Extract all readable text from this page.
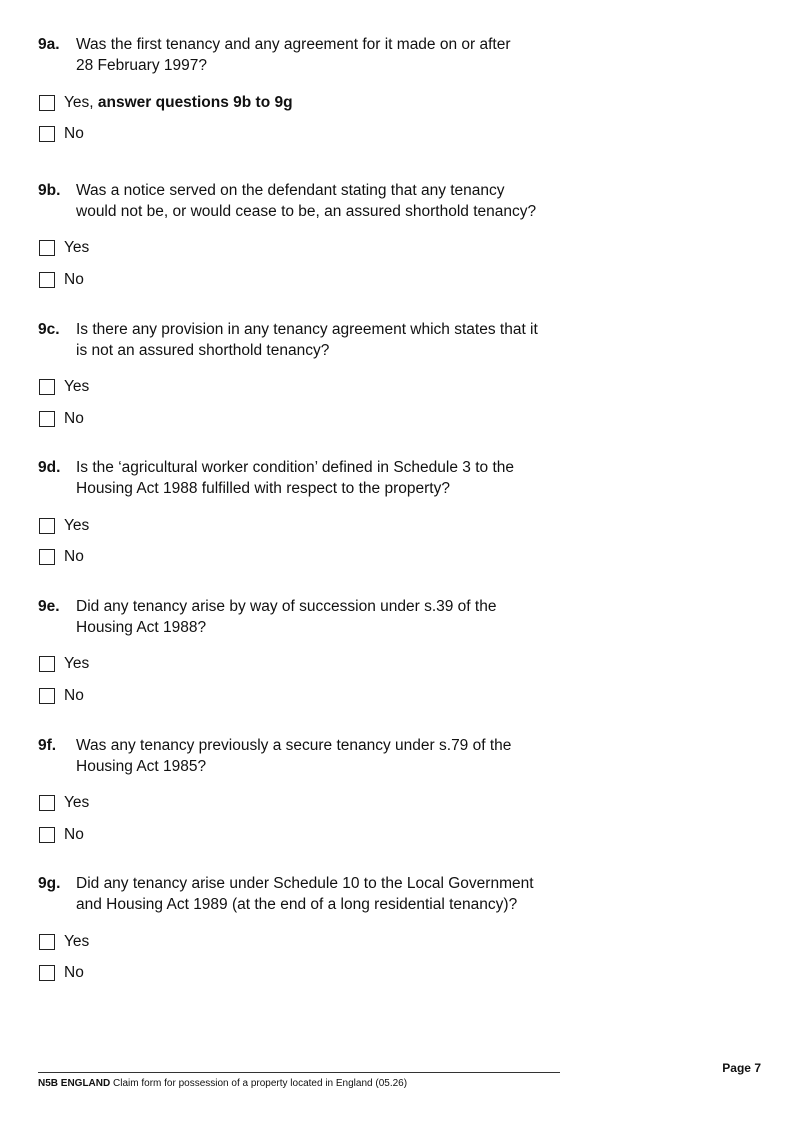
9a.	Was the first tenancy and any agreement for it made on or after
28 February 1997?
Yes, answer questions 9b to 9g
No
9b.	Was a notice served on the defendant stating that any tenancy
would not be, or would cease to be, an assured shorthold tenancy?
Yes
No
9c.	Is there any provision in any tenancy agreement which states that it
is not an assured shorthold tenancy?
Yes
No
9d.	Is the ‘agricultural worker condition’ defined in Schedule 3 to the
Housing Act 1988 fulfilled with respect to the property?
Yes
No
9e.	Did any tenancy arise by way of succession under s.39 of the
Housing Act 1988?
Yes
No
9f.	Was any tenancy previously a secure tenancy under s.79 of the
Housing Act 1985?
Yes
No
9g.	Did any tenancy arise under Schedule 10 to the Local Government
and Housing Act 1989 (at the end of a long residential tenancy)?
Yes
No
Page 7
N5B ENGLAND Claim form for possession of a property located in England (05.26)
